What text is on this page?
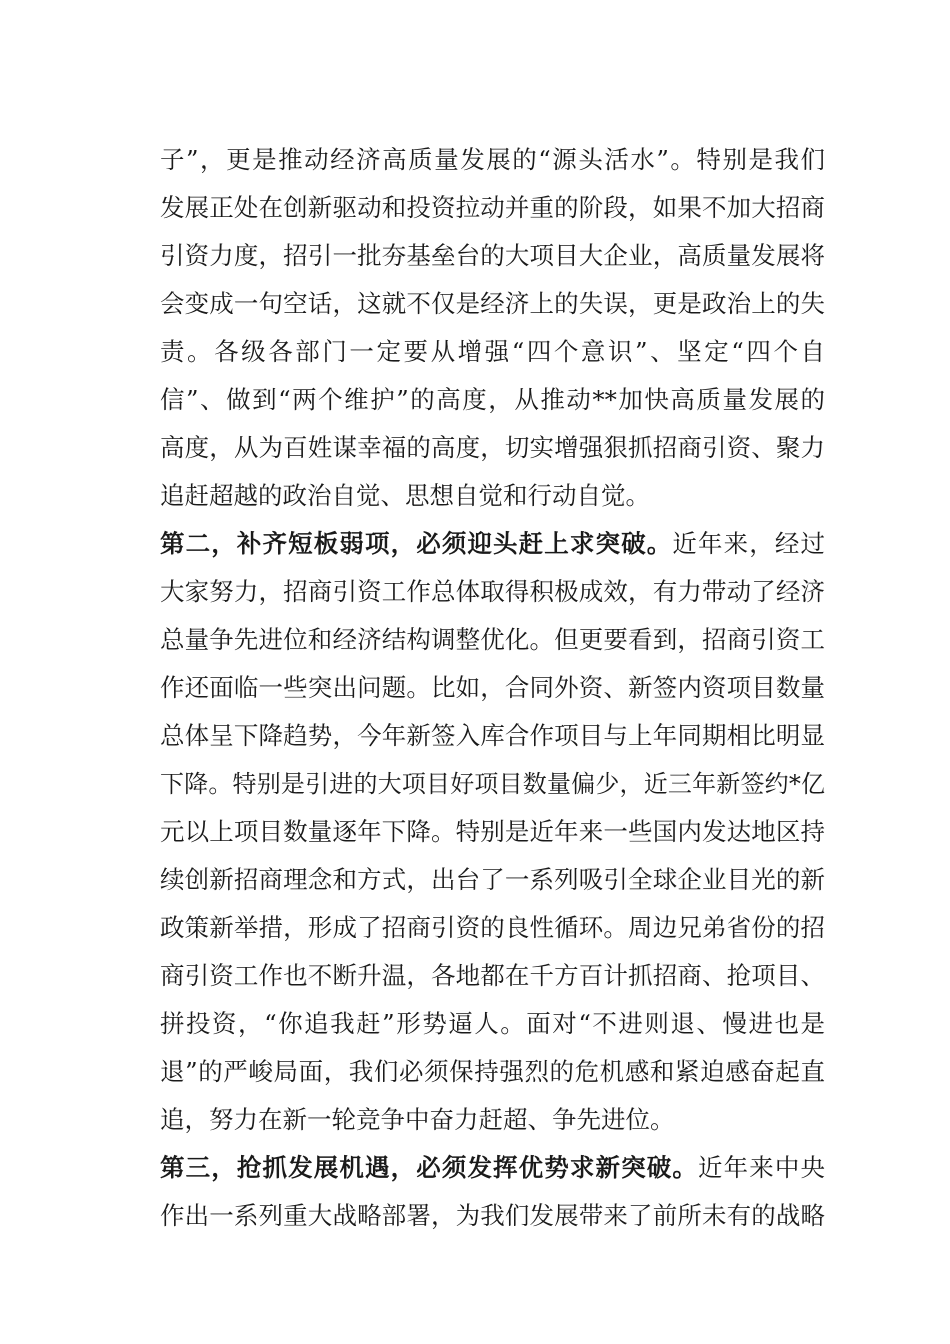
子”，更是推动经济高质量发展的“源头活水”。特别是我们
发展正处在创新驱动和投资拉动并重的阶段，如果不加大招商
引资力度，招引一批夯基垒台的大项目大企业，高质量发展将
会变成一句空话，这就不仅是经济上的失误，更是政治上的失
责。各级各部门一定要从增强“四个意识”、坚定“四个自
信”、做到“两个维护”的高度，从推动**加快高质量发展的
高度，从为百姓谋幸福的高度，切实增强狠抓招商引资、聚力
追赶超越的政治自觉、思想自觉和行动自觉。
第二，补齐短板弱项，必须迎头赶上求突破。近年来，经过
大家努力，招商引资工作总体取得积极成效，有力带动了经济
总量争先进位和经济结构调整优化。但更要看到，招商引资工
作还面临一些突出问题。比如，合同外资、新签内资项目数量
总体呈下降趋势，今年新签入库合作项目与上年同期相比明显
下降。特别是引进的大项目好项目数量偏少，近三年新签约*亿
元以上项目数量逐年下降。特别是近年来一些国内发达地区持
续创新招商理念和方式，出台了一系列吸引全球企业目光的新
政策新举措，形成了招商引资的良性循环。周边兄弟省份的招
商引资工作也不断升温，各地都在千方百计抓招商、抢项目、
拼投资，“你追我赶”形势逼人。面对“不进则退、慢进也是
退”的严峻局面，我们必须保持强烈的危机感和紧迫感奋起直
追，努力在新一轮竞争中奋力赶超、争先进位。
第三，抢抓发展机遇，必须发挥优势求新突破。近年来中央
作出一系列重大战略部署，为我们发展带来了前所未有的战略
